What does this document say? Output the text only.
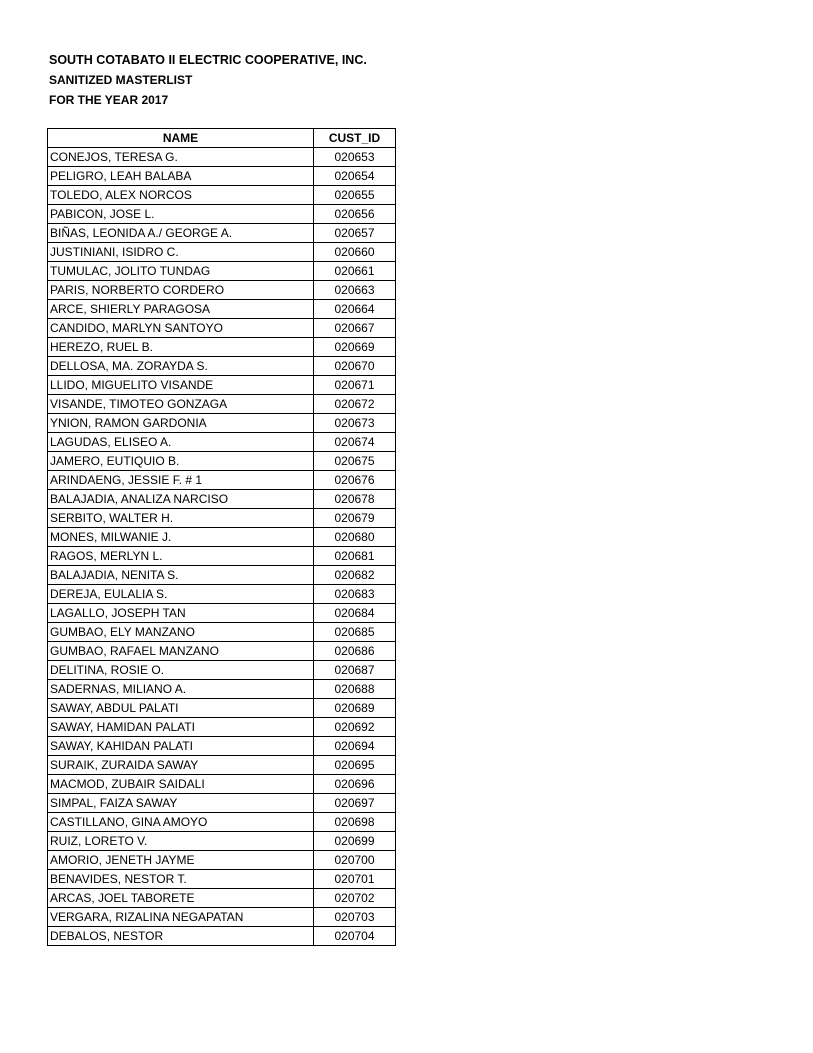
SOUTH COTABATO II ELECTRIC COOPERATIVE, INC.
SANITIZED MASTERLIST
FOR THE YEAR 2017
NAME	CUST_ID
CONEJOS, TERESA G.	020653
PELIGRO, LEAH BALABA	020654
TOLEDO, ALEX NORCOS	020655
PABICON, JOSE L.	020656
BIÑAS, LEONIDA A./ GEORGE A.	020657
JUSTINIANI, ISIDRO C.	020660
TUMULAC, JOLITO TUNDAG	020661
PARIS, NORBERTO CORDERO	020663
ARCE, SHIERLY PARAGOSA	020664
CANDIDO, MARLYN SANTOYO	020667
HEREZO, RUEL B.	020669
DELLOSA, MA. ZORAYDA S.	020670
LLIDO, MIGUELITO VISANDE	020671
VISANDE, TIMOTEO GONZAGA	020672
YNION, RAMON GARDONIA	020673
LAGUDAS, ELISEO A.	020674
JAMERO, EUTIQUIO B.	020675
ARINDAENG, JESSIE F. # 1	020676
BALAJADIA, ANALIZA NARCISO	020678
SERBITO, WALTER H.	020679
MONES, MILWANIE J.	020680
RAGOS, MERLYN L.	020681
BALAJADIA, NENITA S.	020682
DEREJA, EULALIA S.	020683
LAGALLO, JOSEPH TAN	020684
GUMBAO, ELY MANZANO	020685
GUMBAO, RAFAEL MANZANO	020686
DELITINA, ROSIE O.	020687
SADERNAS, MILIANO A.	020688
SAWAY, ABDUL PALATI	020689
SAWAY, HAMIDAN PALATI	020692
SAWAY, KAHIDAN PALATI	020694
SURAIK, ZURAIDA SAWAY	020695
MACMOD, ZUBAIR SAIDALI	020696
SIMPAL, FAIZA SAWAY	020697
CASTILLANO, GINA AMOYO	020698
RUIZ, LORETO V.	020699
AMORIO, JENETH JAYME	020700
BENAVIDES, NESTOR T.	020701
ARCAS, JOEL TABORETE	020702
VERGARA, RIZALINA NEGAPATAN	020703
DEBALOS, NESTOR	020704
